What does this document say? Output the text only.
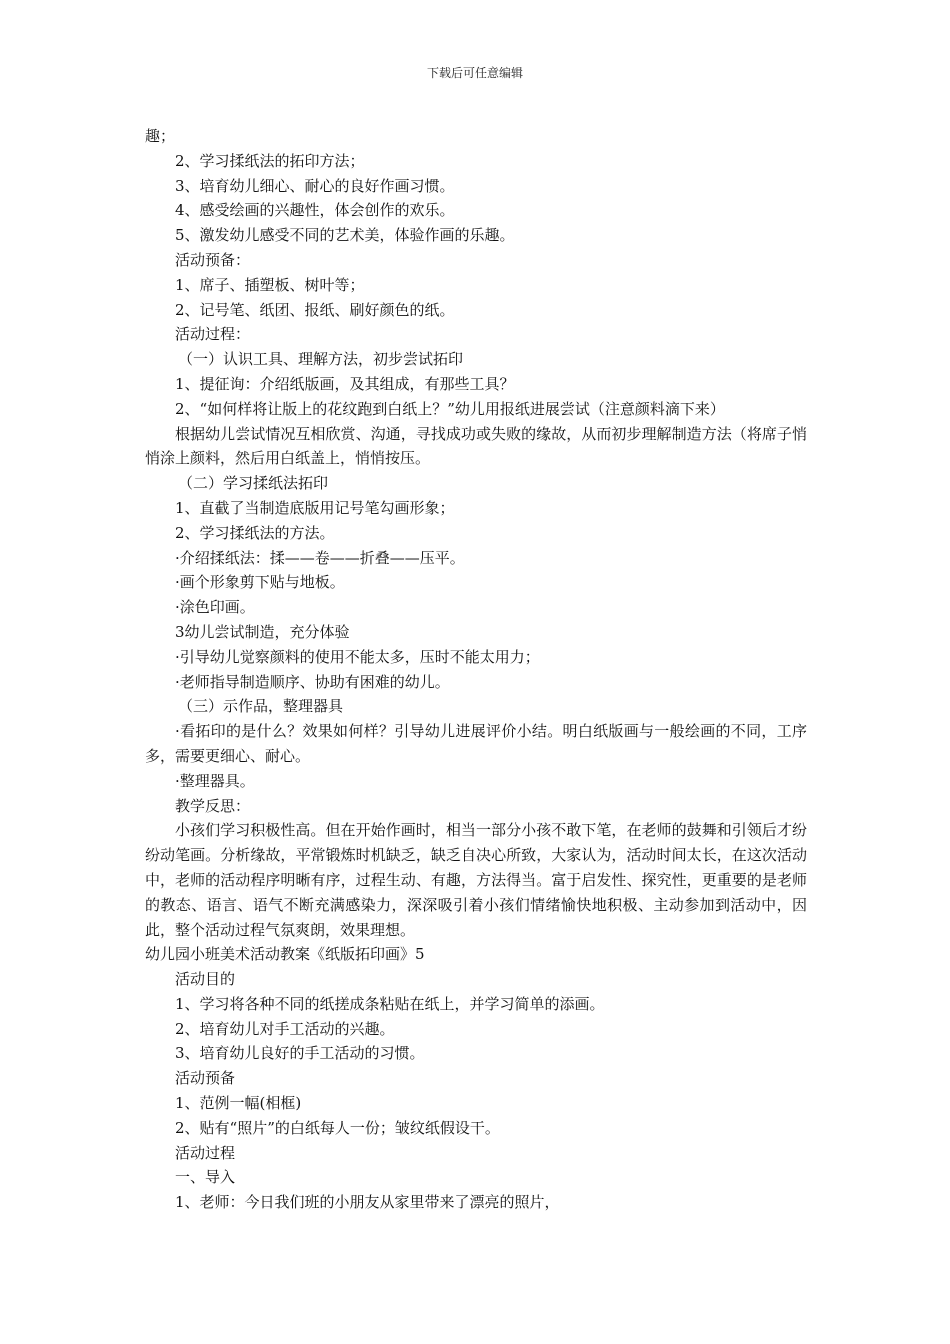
下载后可任意编辑
趣；
2、学习揉纸法的拓印方法；
3、培育幼儿细心、耐心的良好作画习惯。
4、感受绘画的兴趣性，体会创作的欢乐。
5、激发幼儿感受不同的艺术美，体验作画的乐趣。
活动预备：
1、席子、插塑板、树叶等；
2、记号笔、纸团、报纸、刷好颜色的纸。
活动过程：
（一）认识工具、理解方法，初步尝试拓印
1、提征询：介绍纸版画，及其组成，有那些工具？
2、“如何样将让版上的花纹跑到白纸上？”幼儿用报纸进展尝试（注意颜料滴下来）
根据幼儿尝试情况互相欣赏、沟通，寻找成功或失败的缘故，从而初步理解制造方法（将席子悄悄涂上颜料，然后用白纸盖上，悄悄按压。
（二）学习揉纸法拓印
1、直截了当制造底版用记号笔勾画形象；
2、学习揉纸法的方法。
·介绍揉纸法：揉——卷——折叠——压平。
·画个形象剪下贴与地板。
·涂色印画。
3幼儿尝试制造，充分体验
·引导幼儿觉察颜料的使用不能太多，压时不能太用力；
·老师指导制造顺序、协助有困难的幼儿。
（三）示作品，整理器具
·看拓印的是什么？效果如何样？引导幼儿进展评价小结。明白纸版画与一般绘画的不同，工序多，需要更细心、耐心。
·整理器具。
教学反思：
小孩们学习积极性高。但在开始作画时，相当一部分小孩不敢下笔，在老师的鼓舞和引领后才纷纷动笔画。分析缘故，平常锻炼时机缺乏，缺乏自决心所致，大家认为，活动时间太长，在这次活动中，老师的活动程序明晰有序，过程生动、有趣，方法得当。富于启发性、探究性，更重要的是老师的教态、语言、语气不断充满感染力，深深吸引着小孩们情绪愉快地积极、主动参加到活动中，因此，整个活动过程气氛爽朗，效果理想。
幼儿园小班美术活动教案《纸版拓印画》5
活动目的
1、学习将各种不同的纸搓成条粘贴在纸上，并学习简单的添画。
2、培育幼儿对手工活动的兴趣。
3、培育幼儿良好的手工活动的习惯。
活动预备
1、范例一幅(相框)
2、贴有“照片”的白纸每人一份；皱纹纸假设干。
活动过程
一、导入
1、老师：今日我们班的小朋友从家里带来了漂亮的照片，
